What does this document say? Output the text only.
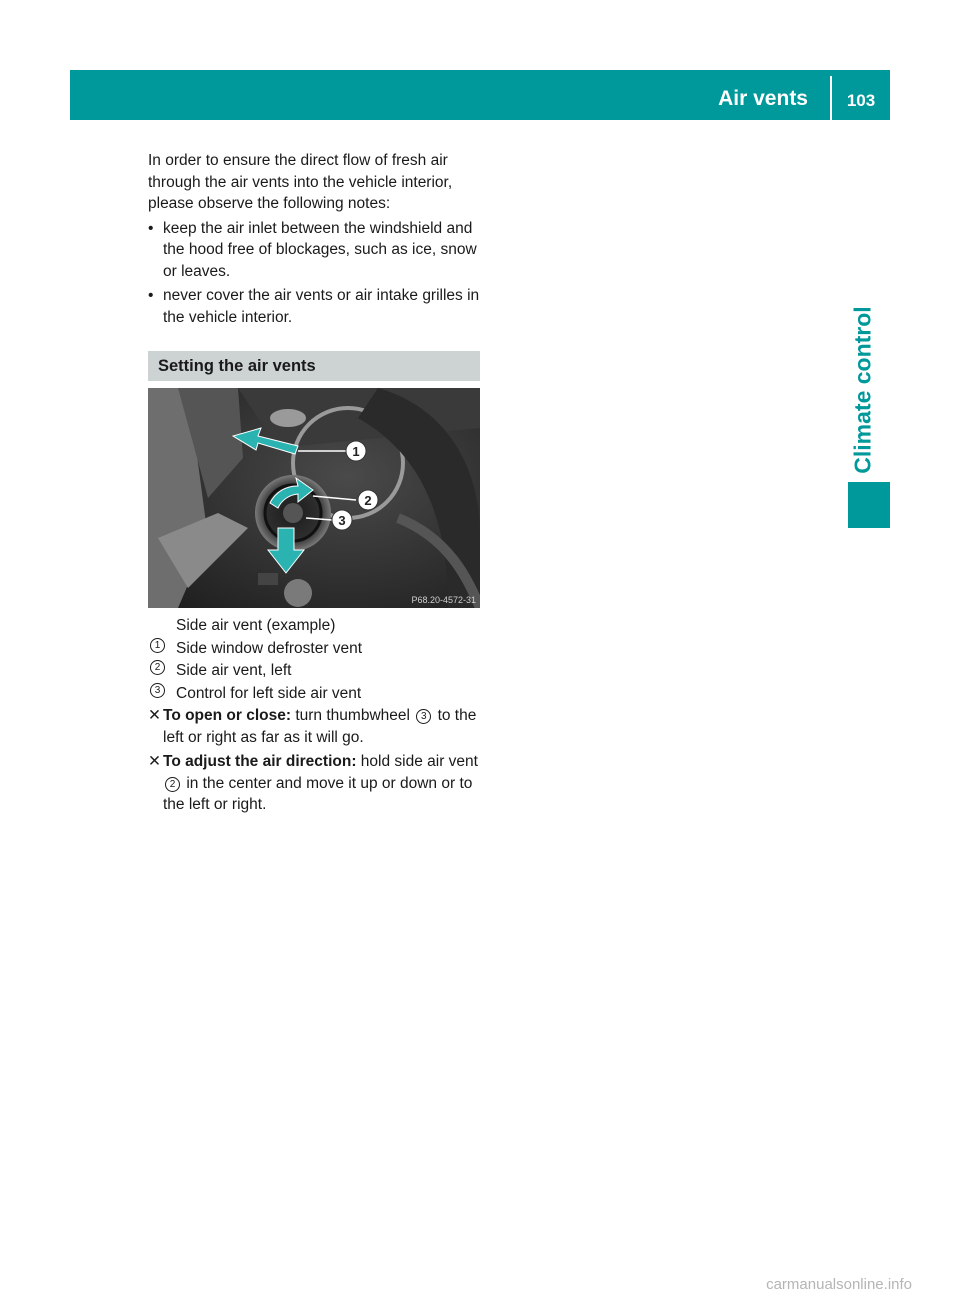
Air vents	103
Climate control

In order to ensure the direct flow of fresh air through the air vents into the vehicle interior, please observe the following notes:

• keep the air inlet between the windshield and the hood free of blockages, such as ice, snow or leaves.
• never cover the air vents or air intake grilles in the vehicle interior.
Setting the air vents
1
2
3
P68.20-4572-31
Side air vent (example)
1	Side window defroster vent
2	Side air vent, left
3	Control for left side air vent
✕ To open or close: turn thumbwheel 3 to the left or right as far as it will go.
✕ To adjust the air direction: hold side air vent 2 in the center and move it up or down or to the left or right.
carmanualsonline.info
